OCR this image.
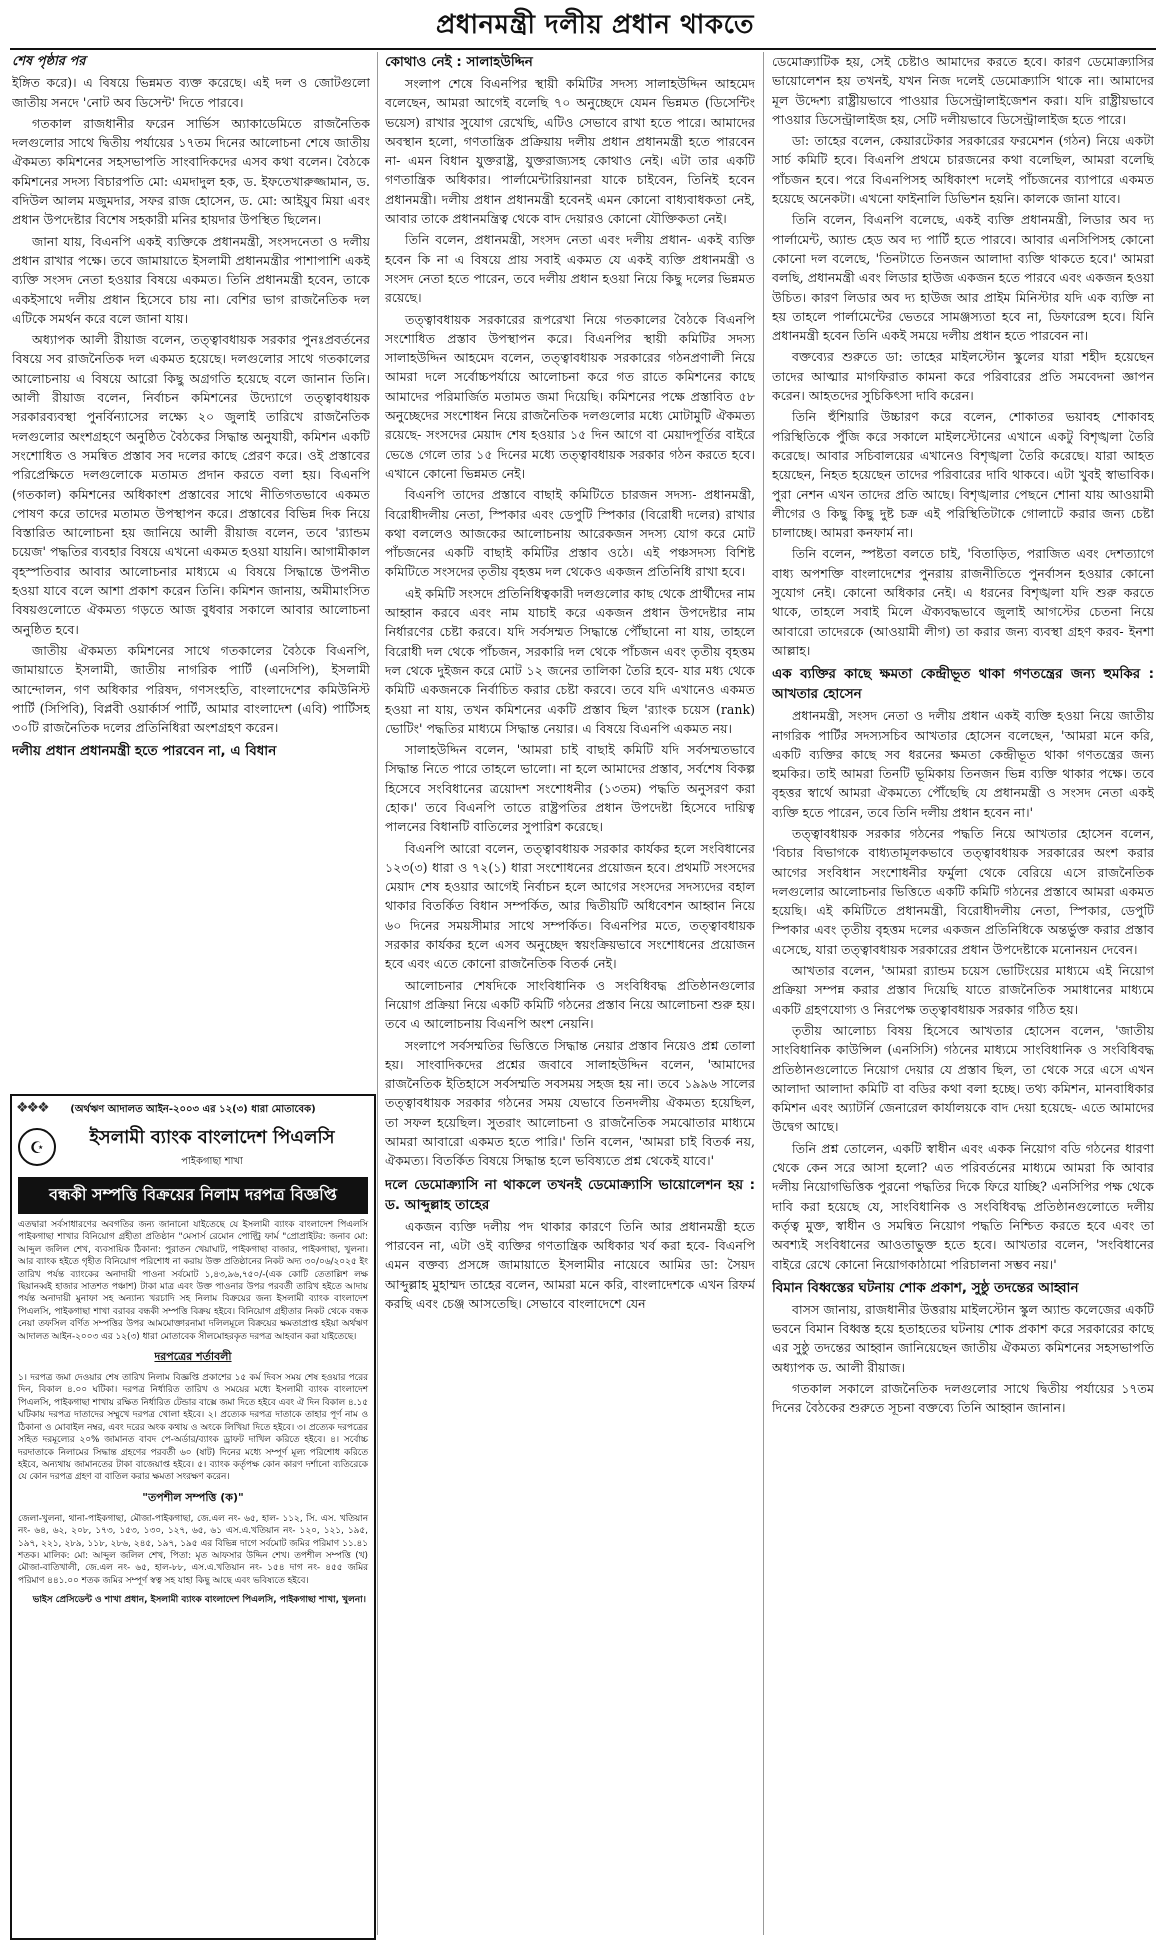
প্রধানমন্ত্রী দলীয় প্রধান থাকতে
শেষ পৃষ্ঠার পর

ইঙ্গিত করে)। এ বিষয়ে ভিন্নমত ব্যক্ত করেছে। এই দল ও জোটগুলো জাতীয় সনদে 'নোট অব ডিসেন্ট' দিতে পারবে।

গতকাল রাজধানীর ফরেন সার্ভিস অ্যাকাডেমিতে রাজনৈতিক দলগুলোর সাথে দ্বিতীয় পর্যায়ের ১৭তম দিনের আলোচনা শেষে জাতীয় ঐকমত্য কমিশনের সহসভাপতি সাংবাদিকদের এসব কথা বলেন। বৈঠকে কমিশনের সদস্য বিচারপতি মো: এমদাদুল হক, ড. ইফতেখারুজ্জামান, ড. বদিউল আলম মজুমদার, সফর রাজ হোসেন, ড. মো: আইয়ুব মিয়া এবং প্রধান উপদেষ্টার বিশেষ সহকারী মনির হায়দার উপস্থিত ছিলেন।

জানা যায়, বিএনপি একই ব্যক্তিকে প্রধানমন্ত্রী, সংসদনেতা ও দলীয় প্রধান রাখার পক্ষে। তবে জামায়াতে ইসলামী প্রধানমন্ত্রীর পাশাপাশি একই ব্যক্তি সংসদ নেতা হওয়ার বিষয়ে একমত। তিনি প্রধানমন্ত্রী হবেন, তাকে একইসাথে দলীয় প্রধান হিসেবে চায় না। বেশির ভাগ রাজনৈতিক দল এটিকে সমর্থন করে বলে জানা যায়।

অধ্যাপক আলী রীয়াজ বলেন, তত্ত্বাবধায়ক সরকার পুনঃপ্রবর্তনের বিষয়ে সব রাজনৈতিক দল একমত হয়েছে। দলগুলোর সাথে গতকালের আলোচনায় এ বিষয়ে আরো কিছু অগ্রগতি হয়েছে বলে জানান তিনি। আলী রীয়াজ বলেন, নির্বাচন কমিশনের উদ্যোগে তত্ত্বাবধায়ক সরকারব্যবস্থা পুনর্বিন্যাসের লক্ষ্যে ২০ জুলাই তারিখে রাজনৈতিক দলগুলোর অংশগ্রহণে অনুষ্ঠিত বৈঠকের সিদ্ধান্ত অনুযায়ী, কমিশন একটি সংশোধিত ও সমন্বিত প্রস্তাব সব দলের কাছে প্রেরণ করে। ওই প্রস্তাবের পরিপ্রেক্ষিতে দলগুলোকে মতামত প্রদান করতে বলা হয়। বিএনপি (গতকাল) কমিশনের অধিকাংশ প্রস্তাবের সাথে নীতিগতভাবে একমত পোষণ করে তাদের মতামত উপস্থাপন করে। প্রস্তাবের বিভিন্ন দিক নিয়ে বিস্তারিত আলোচনা হয় জানিয়ে আলী রীয়াজ বলেন, তবে 'র‌্যান্ডম চয়েজ' পদ্ধতির ব্যবহার বিষয়ে এখনো একমত হওয়া যায়নি। আগামীকাল বৃহস্পতিবার আবার আলোচনার মাধ্যমে এ বিষয়ে সিদ্ধান্তে উপনীত হওয়া যাবে বলে আশা প্রকাশ করেন তিনি। কমিশন জানায়, অমীমাংসিত বিষয়গুলোতে ঐকমত্য গড়তে আজ বুধবার সকালে আবার আলোচনা অনুষ্ঠিত হবে।

জাতীয় ঐকমত্য কমিশনের সাথে গতকালের বৈঠকে বিএনপি, জামায়াতে ইসলামী, জাতীয় নাগরিক পার্টি (এনসিপি), ইসলামী আন্দোলন, গণ অধিকার পরিষদ, গণসংহতি, বাংলাদেশের কমিউনিস্ট পার্টি (সিপিবি), বিপ্লবী ওয়ার্কার্স পার্টি, আমার বাংলাদেশ (এবি) পার্টিসহ ৩০টি রাজনৈতিক দলের প্রতিনিধিরা অংশগ্রহণ করেন।

দলীয় প্রধান প্রধানমন্ত্রী হতে পারবেন না, এ বিধান
❖❖❖	(অর্থঋণ আদালত আইন-২০০৩ এর ১২(৩) ধারা মোতাবেক)
☪	ইসলামী ব্যাংক বাংলাদেশ পিএলসি
পাইকগাছা শাখা
বন্ধকী সম্পত্তি বিক্রয়ের নিলাম দরপত্র বিজ্ঞপ্তি
এতদ্বারা সর্বসাধারণের অবগতির জন্য জানানো যাইতেছে যে ইসলামী ব্যাংক বাংলাদেশ পিএলসি পাইকগাছা শাখার বিনিয়োগ গ্রহীতা প্রতিষ্ঠান "মেসার্স রেমোন পোল্ট্রি ফার্ম "প্রোপ্রাইটর: জনাব মো: আব্দুল জলিল শেখ, ব্যবসায়িক ঠিকানা: পুরাতন খেয়াঘাট, পাইকগাছা বাজার, পাইকগাছা, খুলনা। আর ব্যাংক হইতে গৃহীত বিনিয়োগ পরিশোধ না করায় উক্ত প্রতিষ্ঠানের নিকট অদ্য ৩০/০৬/২০২৫ ইং তারিখ পর্যন্ত ব্যাংকের অনাদায়ী পাওনা সর্বমোট ১,৪৩,৯৬,৭৫০/-(এক কোটি তেতাল্লিশ লক্ষ ছিয়ানব্বই হাজার সাতশত পঞ্চাশ) টাকা মাত্র এবং উক্ত পাওনার উপর পরবর্তী তারিখ হইতে আদায় পর্যন্ত অনাদায়ী মুনাফা সহ অন্যান্য খরচাদি সহ নিলাম বিক্রয়ের জন্য ইসলামী ব্যাংক বাংলাদেশ পিএলসি, পাইকগাছা শাখা বরাবর বন্ধকী সম্পত্তি বিক্রয় হইবে। বিনিয়োগ গ্রহীতার নিকট থেকে বন্ধক নেয়া তফসিল বর্ণিত সম্পত্তির উপর আমমোক্তারনামা দলিলমূলে বিক্রয়ের ক্ষমতাপ্রাপ্ত হইয়া অর্থঋণ আদালত আইন-২০০৩ এর ১২(৩) ধারা মোতাবেক সীলমোহরকৃত দরপত্র আহবান করা যাইতেছে।
দরপত্রের শর্তাবলী
১। দরপত্র জমা দেওয়ার শেষ তারিখ নিলাম বিজ্ঞপ্তি প্রকাশের ১৫ কর্ম দিবস সময় শেষ হওয়ার পরের দিন, বিকাল ৪.০০ ঘটিকা। দরপত্র নির্ধারিত তারিখ ও সময়ের মধ্যে ইসলামী ব্যাংক বাংলাদেশ পিএলসি, পাইকগাছা শাখায় রক্ষিত নির্ধারিত টেন্ডার বাক্সে জমা দিতে হইবে এবং ঐ দিন বিকাল ৪.১৫ ঘটিকায় দরপত্র দাতাদের সম্মুখে দরপত্র খোলা হইবে। ২। প্রত্যেক দরপত্র দাতাকে তাহার পূর্ণ নাম ও ঠিকানা ও মোবাইল নম্বর, এবং দরের অংক কথায় ও অংকে লিখিয়া দিতে হইবে। ৩। প্রত্যেক দরপত্রের সহিত দরমূল্যের ২০% জামানত বাবদ পে-অর্ডার/ব্যাংক ড্রাফট দাখিল করিতে হইবে। ৪। সর্বোচ্চ দরদাতাকে নিলামের সিদ্ধান্ত গ্রহণের পরবর্তী ৬০ (ষাট) দিনের মধ্যে সম্পূর্ণ মূল্য পরিশোধ করিতে হইবে, অন্যথায় জামানতের টাকা বাজেয়াপ্ত হইবে। ৫। ব্যাংক কর্তৃপক্ষ কোন কারণ দর্শানো ব্যতিরেকে যে কোন দরপত্র গ্রহণ বা বাতিল করার ক্ষমতা সংরক্ষণ করেন।
"তপশীল সম্পত্তি (ক)"
জেলা-খুলনা, থানা-পাইকগাছা, মৌজা-পাইকগাছা, জে.এল নং- ৬৫, হাল- ১১২, সি. এস. খতিয়ান নং- ৬৪, ৬২, ২০৮, ১৭৩, ১৫৩, ১৩০, ১২৭, ৬৫, ৬১ এস.এ.খতিয়ান নং- ১২০, ১২১, ১৯৫, ১৯৭, ২২১, ২৮৯, ১১৮, ২৮৬, ২৪৫, ১৯৭, ১৯৫ এর বিভিন্ন দাগে সর্বমোট জমির পরিমাণ ১১.৪১ শতক। মালিক: মো: আব্দুল জলিল শেখ, পিতা: মৃত আফসার উদ্দিন শেখ। তপশীল সম্পত্তি (খ) মৌজা-বাতিখালী, জে.এল নং- ৬৫, হাল-৮৮, এস.এ.খতিয়ান নং- ১৫৪ দাগ নং- ৪৫৫ জমির পরিমাণ ৪৪১.০০ শতক জমির সম্পূর্ণ স্বত্ব সহ যাহা কিছু আছে এবং ভবিষ্যতে হইবে।
ভাইস প্রেসিডেন্ট ও শাখা প্রধান, ইসলামী ব্যাংক বাংলাদেশ পিএলসি, পাইকগাছা শাখা, খুলনা।
কোথাও নেই : সালাহউদ্দিন

সংলাপ শেষে বিএনপির স্থায়ী কমিটির সদস্য সালাহউদ্দিন আহমেদ বলেছেন, আমরা আগেই বলেছি ৭০ অনুচ্ছেদে যেমন ভিন্নমত (ডিসেন্টিং ভয়েস) রাখার সুযোগ রেখেছি, এটিও সেভাবে রাখা হতে পারে। আমাদের অবস্থান হলো, গণতান্ত্রিক প্রক্রিয়ায় দলীয় প্রধান প্রধানমন্ত্রী হতে পারবেন না- এমন বিধান যুক্তরাষ্ট্র, যুক্তরাজ্যসহ কোথাও নেই। এটা তার একটি গণতান্ত্রিক অধিকার। পার্লামেন্টারিয়ানরা যাকে চাইবেন, তিনিই হবেন প্রধানমন্ত্রী। দলীয় প্রধান প্রধানমন্ত্রী হবেনই এমন কোনো বাধ্যবাধকতা নেই, আবার তাকে প্রধানমন্ত্রিত্ব থেকে বাদ দেয়ারও কোনো যৌক্তিকতা নেই।

তিনি বলেন, প্রধানমন্ত্রী, সংসদ নেতা এবং দলীয় প্রধান- একই ব্যক্তি হবেন কি না এ বিষয়ে প্রায় সবাই একমত যে একই ব্যক্তি প্রধানমন্ত্রী ও সংসদ নেতা হতে পারেন, তবে দলীয় প্রধান হওয়া নিয়ে কিছু দলের ভিন্নমত রয়েছে।

তত্ত্বাবধায়ক সরকারের রূপরেখা নিয়ে গতকালের বৈঠকে বিএনপি সংশোধিত প্রস্তাব উপস্থাপন করে। বিএনপির স্থায়ী কমিটির সদস্য সালাহউদ্দিন আহমেদ বলেন, তত্ত্বাবধায়ক সরকারের গঠনপ্রণালী নিয়ে আমরা দলে সর্বোচ্চপর্যায়ে আলোচনা করে গত রাতে কমিশনের কাছে আমাদের পরিমার্জিত মতামত জমা দিয়েছি। কমিশনের পক্ষে প্রস্তাবিত ৫৮ অনুচ্ছেদের সংশোধন নিয়ে রাজনৈতিক দলগুলোর মধ্যে মোটামুটি ঐকমত্য রয়েছে- সংসদের মেয়াদ শেষ হওয়ার ১৫ দিন আগে বা মেয়াদপূর্তির বাইরে ভেঙে গেলে তার ১৫ দিনের মধ্যে তত্ত্বাবধায়ক সরকার গঠন করতে হবে। এখানে কোনো ভিন্নমত নেই।

বিএনপি তাদের প্রস্তাবে বাছাই কমিটিতে চারজন সদস্য- প্রধানমন্ত্রী, বিরোধীদলীয় নেতা, স্পিকার এবং ডেপুটি স্পিকার (বিরোধী দলের) রাখার কথা বললেও আজকের আলোচনায় আরেকজন সদস্য যোগ করে মোট পাঁচজনের একটি বাছাই কমিটির প্রস্তাব ওঠে। এই পঞ্চসদস্য বিশিষ্ট কমিটিতে সংসদের তৃতীয় বৃহত্তম দল থেকেও একজন প্রতিনিধি রাখা হবে।

এই কমিটি সংসদে প্রতিনিধিত্বকারী দলগুলোর কাছ থেকে প্রার্থীদের নাম আহ্বান করবে এবং নাম যাচাই করে একজন প্রধান উপদেষ্টার নাম নির্ধারণের চেষ্টা করবে। যদি সর্বসম্মত সিদ্ধান্তে পৌঁছানো না যায়, তাহলে বিরোধী দল থেকে পাঁচজন, সরকারি দল থেকে পাঁচজন এবং তৃতীয় বৃহত্তম দল থেকে দুইজন করে মোট ১২ জনের তালিকা তৈরি হবে- যার মধ্য থেকে কমিটি একজনকে নির্বাচিত করার চেষ্টা করবে। তবে যদি এখানেও একমত হওয়া না যায়, তখন কমিশনের একটি প্রস্তাব ছিল 'র‌্যাংক চয়েস (rank) ভোটিং' পদ্ধতির মাধ্যমে সিদ্ধান্ত নেয়ার। এ বিষয়ে বিএনপি একমত নয়।

সালাহউদ্দিন বলেন, 'আমরা চাই বাছাই কমিটি যদি সর্বসম্মতভাবে সিদ্ধান্ত নিতে পারে তাহলে ভালো। না হলে আমাদের প্রস্তাব, সর্বশেষ বিকল্প হিসেবে সংবিধানের ত্রয়োদশ সংশোধনীর (১৩তম) পদ্ধতি অনুসরণ করা হোক।' তবে বিএনপি তাতে রাষ্ট্রপতির প্রধান উপদেষ্টা হিসেবে দায়িত্ব পালনের বিধানটি বাতিলের সুপারিশ করেছে।

বিএনপি আরো বলেন, তত্ত্বাবধায়ক সরকার কার্যকর হলে সংবিধানের ১২৩(৩) ধারা ও ৭২(১) ধারা সংশোধনের প্রয়োজন হবে। প্রথমটি সংসদের মেয়াদ শেষ হওয়ার আগেই নির্বাচন হলে আগের সংসদের সদস্যদের বহাল থাকার বিতর্কিত বিধান সম্পর্কিত, আর দ্বিতীয়টি অধিবেশন আহ্বান নিয়ে ৬০ দিনের সময়সীমার সাথে সম্পর্কিত। বিএনপির মতে, তত্ত্বাবধায়ক সরকার কার্যকর হলে এসব অনুচ্ছেদ স্বয়ংক্রিয়ভাবে সংশোধনের প্রয়োজন হবে এবং এতে কোনো রাজনৈতিক বিতর্ক নেই।

আলোচনার শেষদিকে সাংবিধানিক ও সংবিধিবদ্ধ প্রতিষ্ঠানগুলোর নিয়োগ প্রক্রিয়া নিয়ে একটি কমিটি গঠনের প্রস্তাব নিয়ে আলোচনা শুরু হয়। তবে এ আলোচনায় বিএনপি অংশ নেয়নি।

সংলাপে সর্বসম্মতির ভিত্তিতে সিদ্ধান্ত নেয়ার প্রস্তাব নিয়েও প্রশ্ন তোলা হয়। সাংবাদিকদের প্রশ্নের জবাবে সালাহউদ্দিন বলেন, 'আমাদের রাজনৈতিক ইতিহাসে সর্বসম্মতি সবসময় সহজ হয় না। তবে ১৯৯৬ সালের তত্ত্বাবধায়ক সরকার গঠনের সময় যেভাবে তিনদলীয় ঐকমত্য হয়েছিল, তা সফল হয়েছিল। সুতরাং আলোচনা ও রাজনৈতিক সমঝোতার মাধ্যমে আমরা আবারো একমত হতে পারি।' তিনি বলেন, 'আমরা চাই বিতর্ক নয়, ঐকমত্য। বিতর্কিত বিষয়ে সিদ্ধান্ত হলে ভবিষ্যতে প্রশ্ন থেকেই যাবে।'

দলে ডেমোক্র্যাসি না থাকলে তখনই ডেমোক্র্যাসি ভায়োলেশন হয় : ড. আব্দুল্লাহ তাহের

একজন ব্যক্তি দলীয় পদ থাকার কারণে তিনি আর প্রধানমন্ত্রী হতে পারবেন না, এটা ওই ব্যক্তির গণতান্ত্রিক অধিকার খর্ব করা হবে- বিএনপি এমন বক্তব্য প্রসঙ্গে জামায়াতে ইসলামীর নায়েবে আমির ডা: সৈয়দ আব্দুল্লাহ মুহাম্মদ তাহের বলেন, আমরা মনে করি, বাংলাদেশকে এখন রিফর্ম করছি এবং চেঞ্জ আসতেছি। সেভাবে বাংলাদেশে যেন

ডেমোক্র্যাটিক হয়, সেই চেষ্টাও আমাদের করতে হবে। কারণ ডেমোক্র্যাসির ভায়োলেশন হয় তখনই, যখন নিজ দলেই ডেমোক্র্যাসি থাকে না। আমাদের মূল উদ্দেশ্য রাষ্ট্রীয়ভাবে পাওয়ার ডিসেন্ট্রালাইজেশন করা। যদি রাষ্ট্রীয়ভাবে পাওয়ার ডিসেন্ট্রালাইজ হয়, সেটি দলীয়ভাবে ডিসেন্ট্রালাইজ হতে পারে।

ডা: তাহের বলেন, কেয়ারটেকার সরকারের ফরমেশন (গঠন) নিয়ে একটা সার্চ কমিটি হবে। বিএনপি প্রথমে চারজনের কথা বলেছিল, আমরা বলেছি পাঁচজন হবে। পরে বিএনপিসহ অধিকাংশ দলেই পাঁচজনের ব্যাপারে একমত হয়েছে অনেকটা। এখনো ফাইনালি ডিভিশন হয়নি। কালকে জানা যাবে।

তিনি বলেন, বিএনপি বলেছে, একই ব্যক্তি প্রধানমন্ত্রী, লিডার অব দ্য পার্লামেন্ট, অ্যান্ড হেড অব দ্য পার্টি হতে পারবে। আবার এনসিপিসহ কোনো কোনো দল বলেছে, 'তিনটাতে তিনজন আলাদা ব্যক্তি থাকতে হবে।' আমরা বলছি, প্রধানমন্ত্রী এবং লিডার হাউজ একজন হতে পারবে এবং একজন হওয়া উচিত। কারণ লিডার অব দ্য হাউজ আর প্রাইম মিনিস্টার যদি এক ব্যক্তি না হয় তাহলে পার্লামেন্টের ভেতরে সামঞ্জস্যতা হবে না, ডিফারেন্স হবে। যিনি প্রধানমন্ত্রী হবেন তিনি একই সময়ে দলীয় প্রধান হতে পারবেন না।

বক্তব্যের শুরুতে ডা: তাহের মাইলস্টোন স্কুলের যারা শহীদ হয়েছেন তাদের আত্মার মাগফিরাত কামনা করে পরিবারের প্রতি সমবেদনা জ্ঞাপন করেন। আহতদের সুচিকিৎসা দাবি করেন।

তিনি হুঁশিয়ারি উচ্চারণ করে বলেন, শোকাতর ভয়াবহ শোকাবহ পরিস্থিতিকে পুঁজি করে সকালে মাইলস্টোনের এখানে একটু বিশৃঙ্খলা তৈরি করেছে। আবার সচিবালয়ের এখানেও বিশৃঙ্খলা তৈরি করেছে। যারা আহত হয়েছেন, নিহত হয়েছেন তাদের পরিবারের দাবি থাকবে। এটা খুবই স্বাভাবিক। পুরা নেশন এখন তাদের প্রতি আছে। বিশৃঙ্খলার পেছনে শোনা যায় আওয়ামী লীগের ও কিছু কিছু দুষ্ট চক্র এই পরিস্থিতিটাকে গোলাটে করার জন্য চেষ্টা চালাচ্ছে। আমরা কনফার্ম না।

তিনি বলেন, স্পষ্টতা বলতে চাই, 'বিতাড়িত, পরাজিত এবং দেশত্যাগে বাধ্য অপশক্তি বাংলাদেশের পুনরায় রাজনীতিতে পুনর্বাসন হওয়ার কোনো সুযোগ নেই। কোনো অধিকার নেই। এ ধরনের বিশৃঙ্খলা যদি শুরু করতে থাকে, তাহলে সবাই মিলে ঐক্যবদ্ধভাবে জুলাই আগস্টের চেতনা নিয়ে আবারো তাদেরকে (আওয়ামী লীগ) তা করার জন্য ব্যবস্থা গ্রহণ করব- ইনশা আল্লাহ।

এক ব্যক্তির কাছে ক্ষমতা কেন্দ্রীভূত থাকা গণতন্ত্রের জন্য হুমকির : আখতার হোসেন

প্রধানমন্ত্রী, সংসদ নেতা ও দলীয় প্রধান একই ব্যক্তি হওয়া নিয়ে জাতীয় নাগরিক পার্টির সদস্যসচিব আখতার হোসেন বলেছেন, 'আমরা মনে করি, একটি ব্যক্তির কাছে সব ধরনের ক্ষমতা কেন্দ্রীভূত থাকা গণতন্ত্রের জন্য হুমকির। তাই আমরা তিনটি ভূমিকায় তিনজন ভিন্ন ব্যক্তি থাকার পক্ষে। তবে বৃহত্তর স্বার্থে আমরা ঐকমত্যে পৌঁছেছি যে প্রধানমন্ত্রী ও সংসদ নেতা একই ব্যক্তি হতে পারেন, তবে তিনি দলীয় প্রধান হবেন না।'

তত্ত্বাবধায়ক সরকার গঠনের পদ্ধতি নিয়ে আখতার হোসেন বলেন, 'বিচার বিভাগকে বাধ্যতামূলকভাবে তত্ত্বাবধায়ক সরকারের অংশ করার আগের সংবিধান সংশোধনীর ফর্মুলা থেকে বেরিয়ে এসে রাজনৈতিক দলগুলোর আলোচনার ভিত্তিতে একটি কমিটি গঠনের প্রস্তাবে আমরা একমত হয়েছি। এই কমিটিতে প্রধানমন্ত্রী, বিরোধীদলীয় নেতা, স্পিকার, ডেপুটি স্পিকার এবং তৃতীয় বৃহত্তম দলের একজন প্রতিনিধিকে অন্তর্ভুক্ত করার প্রস্তাব এসেছে, যারা তত্ত্বাবধায়ক সরকারের প্রধান উপদেষ্টাকে মনোনয়ন দেবেন।

আখতার বলেন, 'আমরা র‌্যান্ডম চয়েস ভোটিংয়ের মাধ্যমে এই নিয়োগ প্রক্রিয়া সম্পন্ন করার প্রস্তাব দিয়েছি যাতে রাজনৈতিক সমাধানের মাধ্যমে একটি গ্রহণযোগ্য ও নিরপেক্ষ তত্ত্বাবধায়ক সরকার গঠিত হয়।

তৃতীয় আলোচ্য বিষয় হিসেবে আখতার হোসেন বলেন, 'জাতীয় সাংবিধানিক কাউন্সিল (এনসিসি) গঠনের মাধ্যমে সাংবিধানিক ও সংবিধিবদ্ধ প্রতিষ্ঠানগুলোতে নিয়োগ দেয়ার যে প্রস্তাব ছিল, তা থেকে সরে এসে এখন আলাদা আলাদা কমিটি বা বডির কথা বলা হচ্ছে। তথ্য কমিশন, মানবাধিকার কমিশন এবং অ্যাটর্নি জেনারেল কার্যালয়কে বাদ দেয়া হয়েছে- এতে আমাদের উদ্বেগ আছে।

তিনি প্রশ্ন তোলেন, একটি স্বাধীন এবং একক নিয়োগ বডি গঠনের ধারণা থেকে কেন সরে আসা হলো? এত পরিবর্তনের মাধ্যমে আমরা কি আবার দলীয় নিয়োগভিত্তিক পুরনো পদ্ধতির দিকে ফিরে যাচ্ছি? এনসিপির পক্ষ থেকে দাবি করা হয়েছে যে, সাংবিধানিক ও সংবিধিবদ্ধ প্রতিষ্ঠানগুলোতে দলীয় কর্তৃত্ব মুক্ত, স্বাধীন ও সমন্বিত নিয়োগ পদ্ধতি নিশ্চিত করতে হবে এবং তা অবশ্যই সংবিধানের আওতাভুক্ত হতে হবে। আখতার বলেন, 'সংবিধানের বাইরে রেখে কোনো নিয়োগকাঠামো পরিচালনা সম্ভব নয়।'

বিমান বিধ্বস্তের ঘটনায় শোক প্রকাশ, সুষ্ঠু তদন্তের আহ্বান

বাসস জানায়, রাজধানীর উত্তরায় মাইলস্টোন স্কুল অ্যান্ড কলেজের একটি ভবনে বিমান বিধ্বস্ত হয়ে হতাহতের ঘটনায় শোক প্রকাশ করে সরকারের কাছে এর সুষ্ঠু তদন্তের আহ্বান জানিয়েছেন জাতীয় ঐকমত্য কমিশনের সহসভাপতি অধ্যাপক ড. আলী রীয়াজ।

গতকাল সকালে রাজনৈতিক দলগুলোর সাথে দ্বিতীয় পর্যায়ের ১৭তম দিনের বৈঠকের শুরুতে সূচনা বক্তব্যে তিনি আহ্বান জানান।
